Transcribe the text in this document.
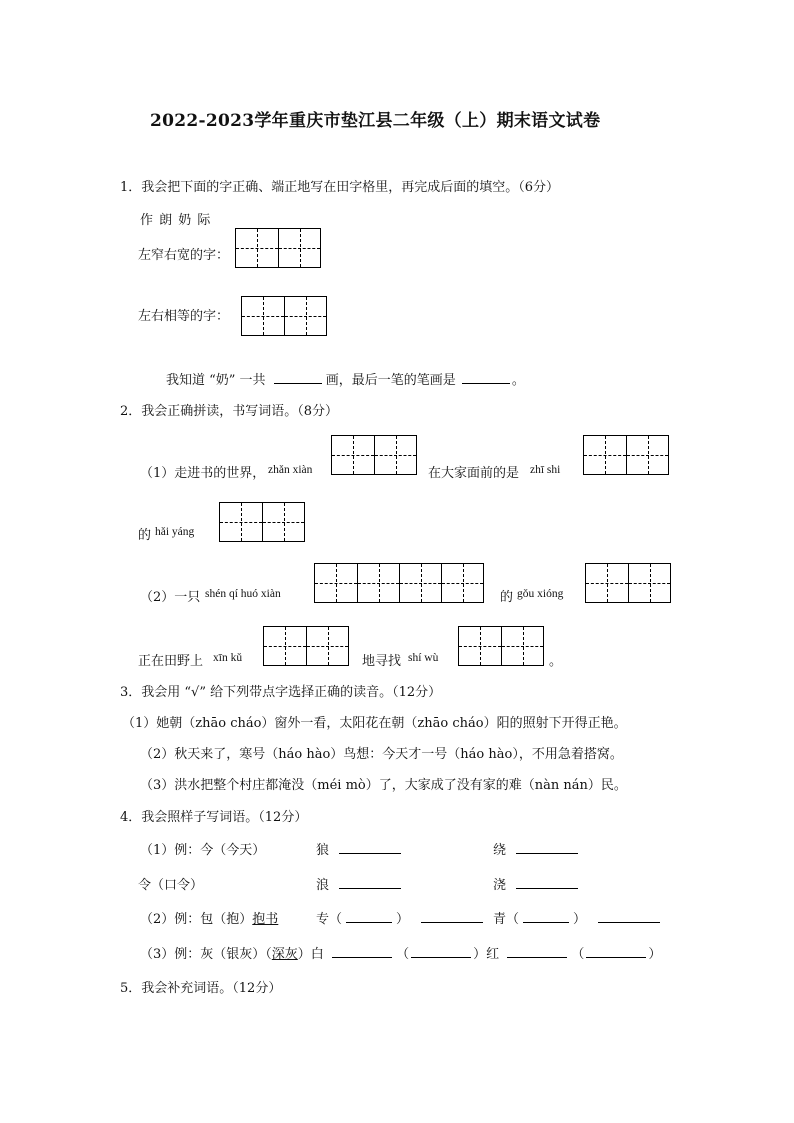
2022-2023学年重庆市垫江县二年级（上）期末语文试卷
1．我会把下面的字正确、端正地写在田字格里，再完成后面的填空。（6分）
作 朗 奶 际
左窄右宽的字：
左右相等的字：
我知道 “奶” 一共	画，最后一笔的笔画是	。
2．我会正确拼读，书写词语。（8分）
（1）走进书的世界， zhǎn xiàn	在大家面前的是 zhī shi
的 hǎi yáng
（2）一只 shén qí huó xiàn	的 gǒu xióng
正在田野上 xīn kǔ	地寻找 shí wù	。
3．我会用 “√” 给下列带点字选择正确的读音。（12分）
（1）她朝（zhāo cháo）窗外一看，太阳花在朝（zhāo cháo）阳的照射下开得正艳。
（2）秋天来了，寒号（háo hào）鸟想：今天才一号（háo hào），不用急着搭窝。
（3）洪水把整个村庄都淹没（méi mò）了，大家成了没有家的难（nàn nán）民。
4．我会照样子写词语。（12分）
（1）例：今（今天）	狼	绕
令（口令）	浪	浇
（2）例：包（抱）抱书	专（	）	青（	）
（3）例：灰（银灰）（深灰）白	（	）红	（	）
5．我会补充词语。（12分）
